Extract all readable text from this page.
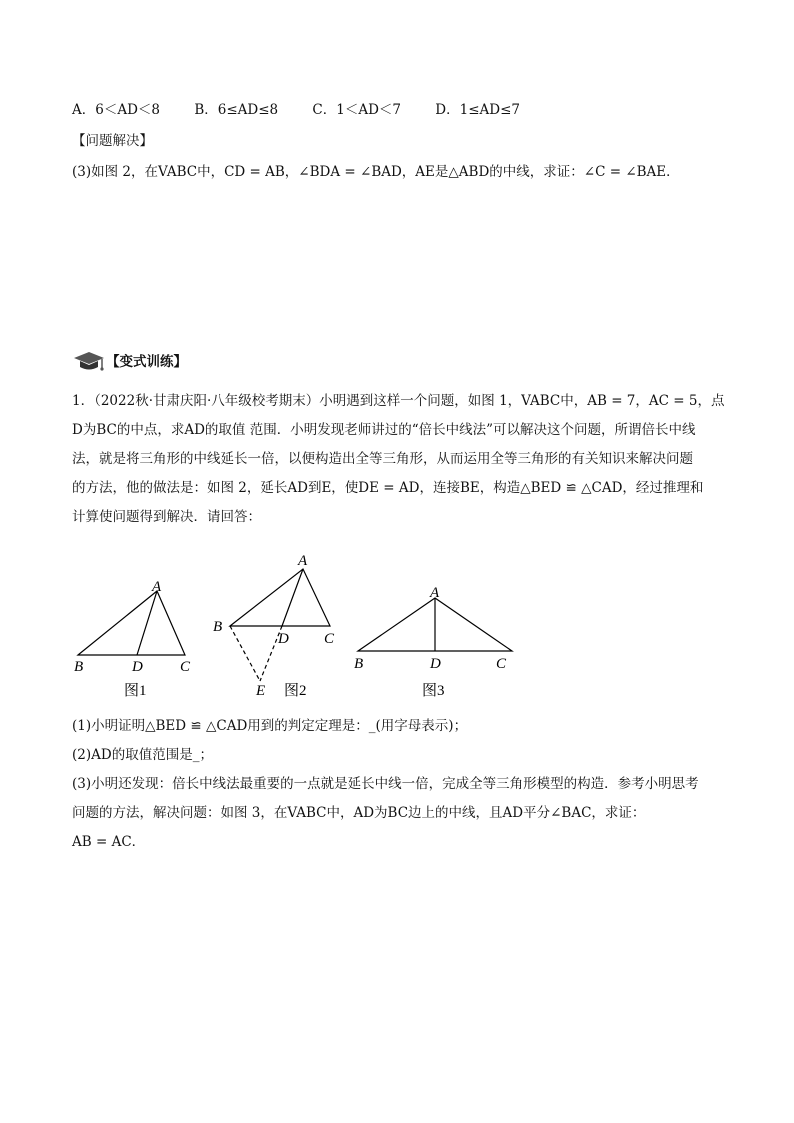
A．6＜AD＜8	B．6≤AD≤8	C．1＜AD＜7	D．1≤AD≤7
【问题解决】
(3)如图 2，在VABC中，CD = AB，∠BDA = ∠BAD，AE是△ABD的中线，求证：∠C = ∠BAE．
【变式训练】

1．（2022秋·甘肃庆阳·八年级校考期末）小明遇到这样一个问题，如图 1，VABC中，AB = 7，AC = 5，点

D为BC的中点，求AD的取值 范围．小明发现老师讲过的“倍长中线法”可以解决这个问题，所谓倍长中线

法，就是将三角形的中线延长一倍，以便构造出全等三角形，从而运用全等三角形的有关知识来解决问题

的方法，他的做法是：如图 2，延长AD到E，使DE = AD，连接BE，构造△BED ≌ △CAD，经过推理和

计算使问题得到解决．请回答：

A
B	D C
图1
A
B
D C
E 图2
A
B	D	C
图3

(1)小明证明△BED ≌ △CAD用到的判定定理是：_(用字母表示)；

(2)AD的取值范围是_；

(3)小明还发现：倍长中线法最重要的一点就是延长中线一倍，完成全等三角形模型的构造．参考小明思考

问题的方法，解决问题：如图 3，在VABC中，AD为BC边上的中线，且AD平分∠BAC，求证：

AB = AC．
